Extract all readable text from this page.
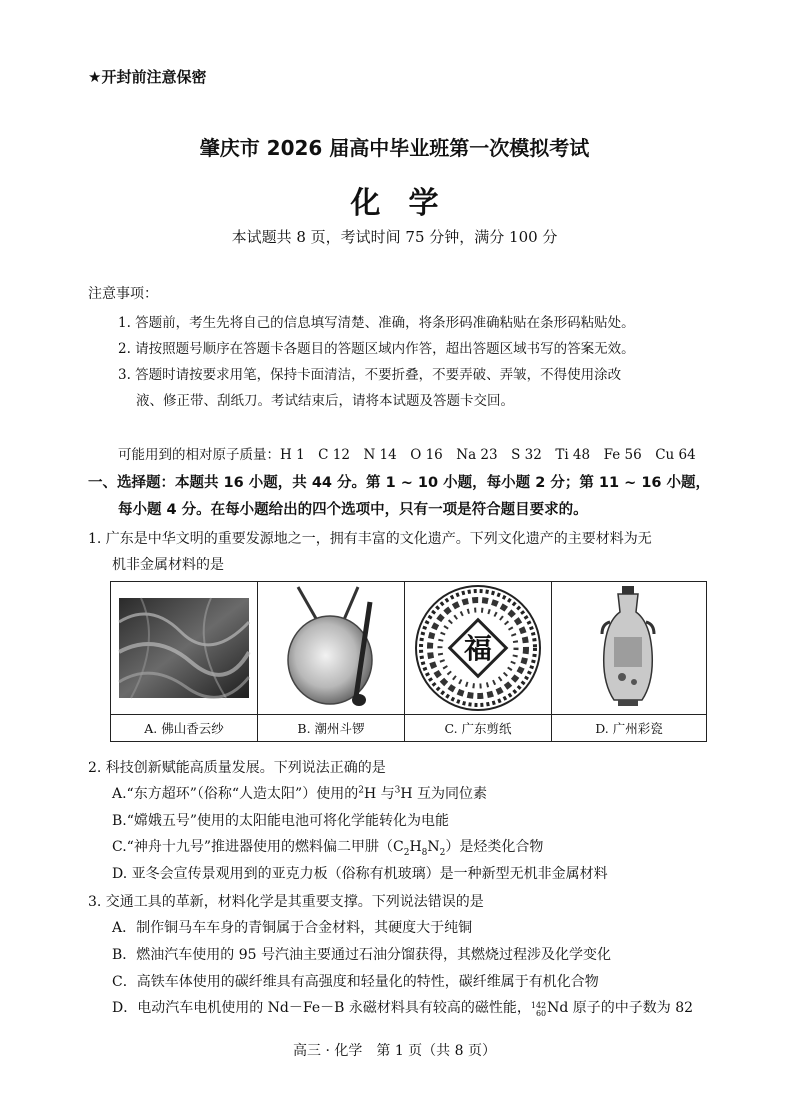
★开封前注意保密
肇庆市 2026 届高中毕业班第一次模拟考试
化学
本试题共 8 页，考试时间 75 分钟，满分 100 分
注意事项：
1. 答题前，考生先将自己的信息填写清楚、准确，将条形码准确粘贴在条形码粘贴处。
2. 请按照题号顺序在答题卡各题目的答题区域内作答，超出答题区域书写的答案无效。
3. 答题时请按要求用笔，保持卡面清洁，不要折叠，不要弄破、弄皱，不得使用涂改
液、修正带、刮纸刀。考试结束后，请将本试题及答题卡交回。
可能用到的相对原子质量：H 1　C 12　N 14　O 16　Na 23　S 32　Ti 48　Fe 56　Cu 64
一、选择题：本题共 16 小题，共 44 分。第 1 ~ 10 小题，每小题 2 分；第 11 ~ 16 小题，
每小题 4 分。在每小题给出的四个选项中，只有一项是符合题目要求的。
1. 广东是中华文明的重要发源地之一，拥有丰富的文化遗产。下列文化遗产的主要材料为无
机非金属材料的是
A. 佛山香云纱	B. 潮州斗锣
福
C. 广东剪纸	D. 广州彩瓷
2. 科技创新赋能高质量发展。下列说法正确的是
A.“东方超环”（俗称“人造太阳”）使用的$^2$H 与$^3$H 互为同位素
B.“嫦娥五号”使用的太阳能电池可将化学能转化为电能
C.“神舟十九号”推进器使用的燃料偏二甲肼$(C_2H_8N_2)$是烃类化合物
D. 亚冬会宣传景观用到的亚克力板（俗称有机玻璃）是一种新型无机非金属材料
3. 交通工具的革新，材料化学是其重要支撑。下列说法错误的是
A．制作铜马车车身的青铜属于合金材料，其硬度大于纯铜
B．燃油汽车使用的 95 号汽油主要通过石油分馏获得，其燃烧过程涉及化学变化
C．高铁车体使用的碳纤维具有高强度和轻量化的特性，碳纤维属于有机化合物
D．电动汽车电机使用的 Nd－Fe－B 永磁材料具有较高的磁性能， 142
60 Nd 原子的中子数为 82
高三 · 化学　第 1 页（共 8 页）
